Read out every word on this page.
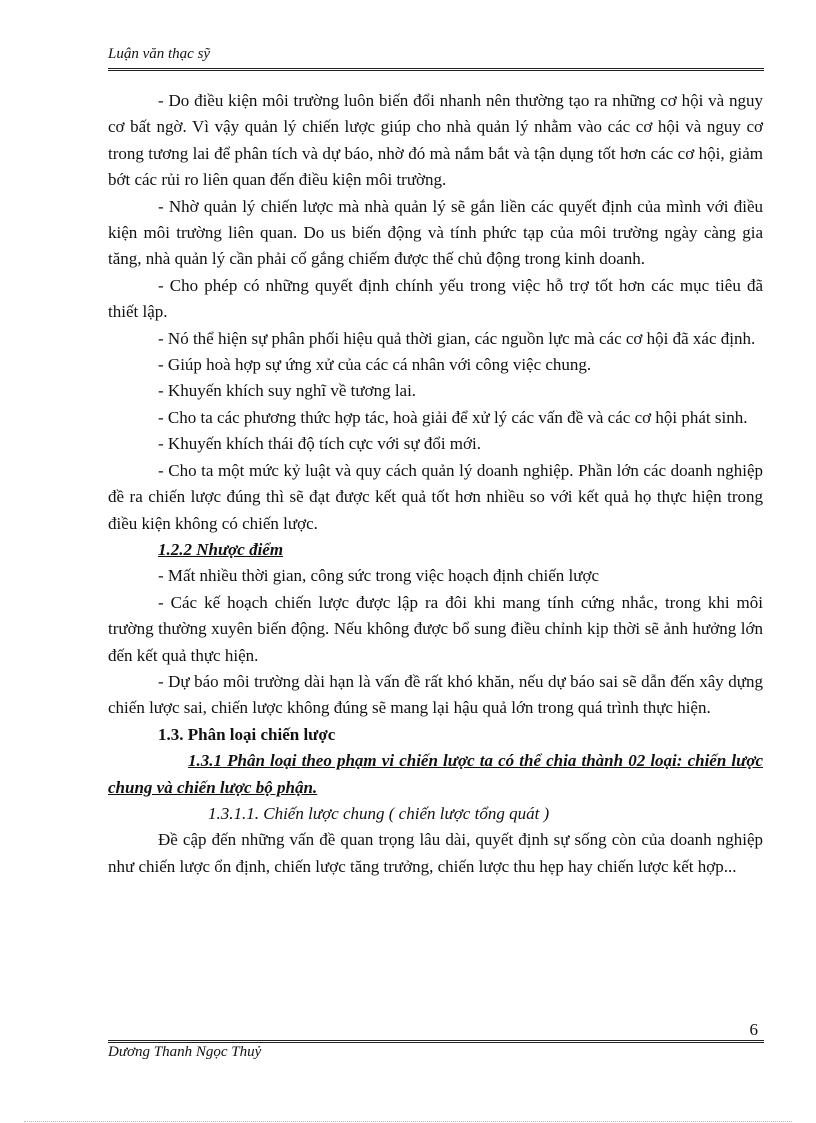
Luận văn thạc sỹ

- Do điều kiện môi trường luôn biến đổi nhanh nên thường tạo ra những cơ hội và nguy cơ bất ngờ. Vì vậy quản lý chiến lược giúp cho nhà quản lý nhằm vào các cơ hội và nguy cơ trong tương lai để phân tích và dự báo, nhờ đó mà nắm bắt và tận dụng tốt hơn các cơ hội, giảm bớt các rủi ro liên quan đến điều kiện môi trường.

- Nhờ quản lý chiến lược mà nhà quản lý sẽ gắn liền các quyết định của mình với điều kiện môi trường liên quan. Do us biến động và tính phức tạp của môi trường ngày càng gia tăng, nhà quản lý cần phải cố gắng chiếm được thế chủ động trong kinh doanh.

- Cho phép có những quyết định chính yếu trong việc hỗ trợ tốt hơn các mục tiêu đã thiết lập.

- Nó thể hiện sự phân phối hiệu quả thời gian, các nguồn lực mà các cơ hội đã xác định.

- Giúp hoà hợp sự ứng xử của các cá nhân với công việc chung.

- Khuyến khích suy nghĩ về tương lai.

- Cho ta các phương thức hợp tác, hoà giải để xử lý các vấn đề và các cơ hội phát sinh.

- Khuyến khích thái độ tích cực với sự đổi mới.

- Cho ta một mức kỷ luật và quy cách quản lý doanh nghiệp. Phần lớn các doanh nghiệp đề ra chiến lược đúng thì sẽ đạt được kết quả tốt hơn nhiều so với kết quả họ thực hiện trong điều kiện không có chiến lược.

1.2.2 Nhược điểm

- Mất nhiều thời gian, công sức trong việc hoạch định chiến lược

- Các kế hoạch chiến lược được lập ra đôi khi mang tính cứng nhắc, trong khi môi trường thường xuyên biến động. Nếu không được bổ sung điều chỉnh kịp thời sẽ ảnh hưởng lớn đến kết quả thực hiện.

- Dự báo môi trường dài hạn là vấn đề rất khó khăn, nếu dự báo sai sẽ dẫn đến xây dựng chiến lược sai, chiến lược không đúng sẽ mang lại hậu quả lớn trong quá trình thực hiện.

1.3. Phân loại chiến lược

1.3.1 Phân loại theo phạm vi chiến lược ta có thể chia thành 02 loại: chiến lược chung và chiến lược bộ phận.

1.3.1.1. Chiến lược chung ( chiến lược tổng quát )

Đề cập đến những vấn đề quan trọng lâu dài, quyết định sự sống còn của doanh nghiệp như chiến lược ổn định, chiến lược tăng trưởng, chiến lược thu hẹp hay chiến lược kết hợp...

6
Dương Thanh Ngọc Thuỷ
